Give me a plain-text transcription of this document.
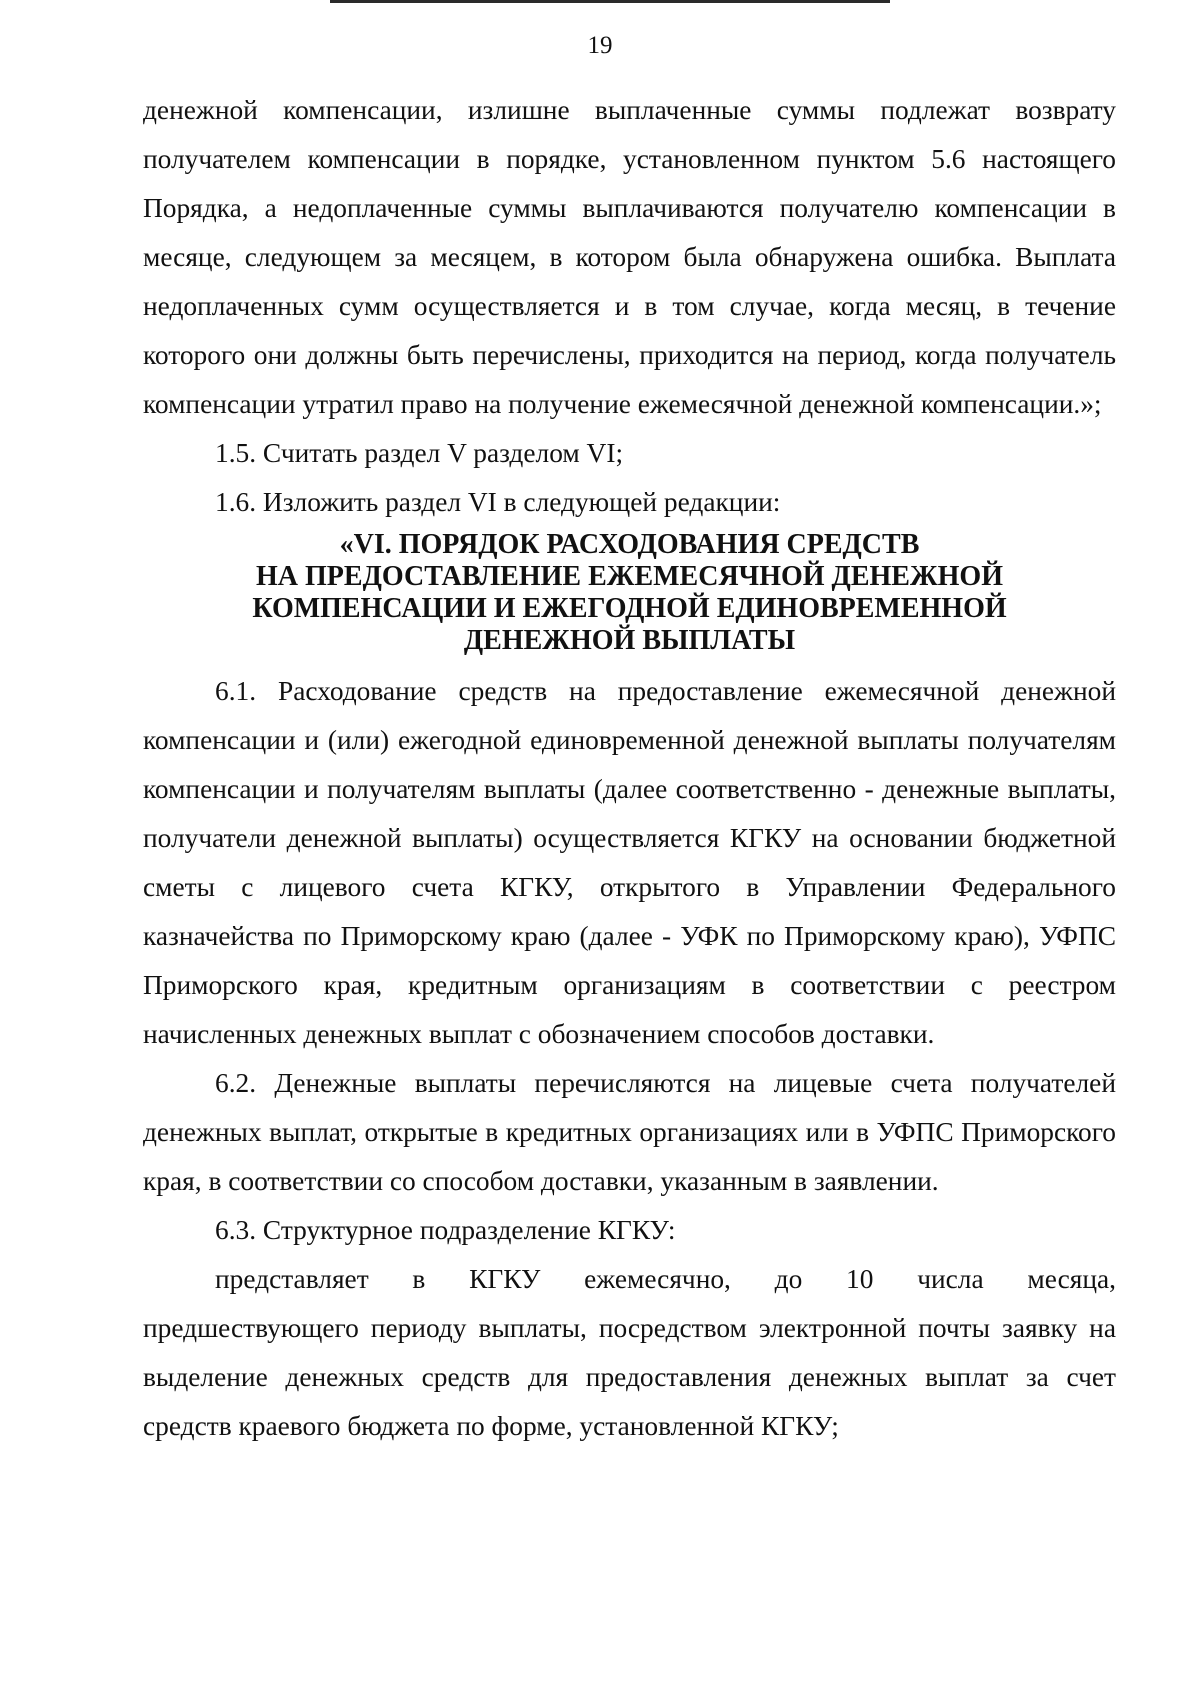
19

денежной компенсации, излишне выплаченные суммы подлежат возврату получателем компенсации в порядке, установленном пунктом 5.6 настоящего Порядка, а недоплаченные суммы выплачиваются получателю компенсации в месяце, следующем за месяцем, в котором была обнаружена ошибка. Выплата недоплаченных сумм осуществляется и в том случае, когда месяц, в течение которого они должны быть перечислены, приходится на период, когда получатель компенсации утратил право на получение ежемесячной денежной компенсации.»;

1.5. Считать раздел V разделом VI;

1.6. Изложить раздел VI в следующей редакции:

«VI. ПОРЯДОК РАСХОДОВАНИЯ СРЕДСТВ
НА ПРЕДОСТАВЛЕНИЕ ЕЖЕМЕСЯЧНОЙ ДЕНЕЖНОЙ
КОМПЕНСАЦИИ И ЕЖЕГОДНОЙ ЕДИНОВРЕМЕННОЙ
ДЕНЕЖНОЙ ВЫПЛАТЫ

6.1. Расходование средств на предоставление ежемесячной денежной компенсации и (или) ежегодной единовременной денежной выплаты получателям компенсации и получателям выплаты (далее соответственно - денежные выплаты, получатели денежной выплаты) осуществляется КГКУ на основании бюджетной сметы с лицевого счета КГКУ, открытого в Управлении Федерального казначейства по Приморскому краю (далее - УФК по Приморскому краю), УФПС Приморского края, кредитным организациям в соответствии с реестром начисленных денежных выплат с обозначением способов доставки.

6.2. Денежные выплаты перечисляются на лицевые счета получателей денежных выплат, открытые в кредитных организациях или в УФПС Приморского края, в соответствии со способом доставки, указанным в заявлении.

6.3. Структурное подразделение КГКУ:

представляет в КГКУ ежемесячно, до 10 числа месяца,

предшествующего периоду выплаты, посредством электронной почты заявку на выделение денежных средств для предоставления денежных выплат за счет средств краевого бюджета по форме, установленной КГКУ;
